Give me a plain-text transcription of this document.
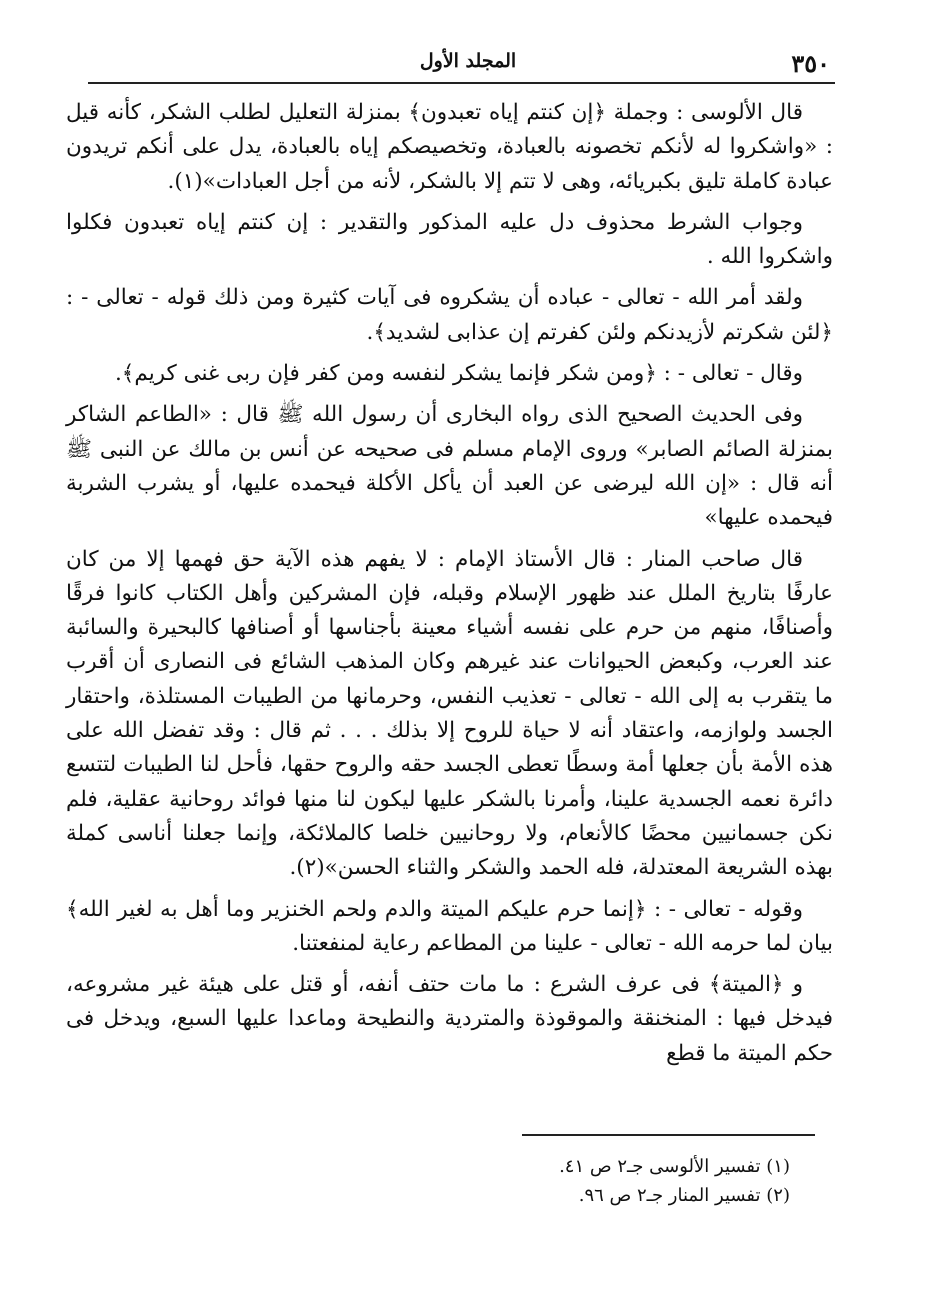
٣٥٠
المجلد الأول

قال الألوسى : وجملة ﴿إن كنتم إياه تعبدون﴾ بمنزلة التعليل لطلب الشكر، كأنه قيل : «واشكروا له لأنكم تخصونه بالعبادة، وتخصيصكم إياه بالعبادة، يدل على أنكم تريدون عبادة كاملة تليق بكبريائه، وهى لا تتم إلا بالشكر، لأنه من أجل العبادات»(١).

وجواب الشرط محذوف دل عليه المذكور والتقدير : إن كنتم إياه تعبدون فكلوا واشكروا الله .

ولقد أمر الله - تعالى - عباده أن يشكروه فى آيات كثيرة ومن ذلك قوله - تعالى - : ﴿لئن شكرتم لأزيدنكم ولئن كفرتم إن عذابى لشديد﴾.

وقال - تعالى - : ﴿ومن شكر فإنما يشكر لنفسه ومن كفر فإن ربى غنى كريم﴾.

وفى الحديث الصحيح الذى رواه البخارى أن رسول الله ﷺ قال : «الطاعم الشاكر بمنزلة الصائم الصابر» وروى الإمام مسلم فى صحيحه عن أنس بن مالك عن النبى ﷺ أنه قال : «إن الله ليرضى عن العبد أن يأكل الأكلة فيحمده عليها، أو يشرب الشربة فيحمده عليها»

قال صاحب المنار : قال الأستاذ الإمام : لا يفهم هذه الآية حق فهمها إلا من كان عارفًا بتاريخ الملل عند ظهور الإسلام وقبله، فإن المشركين وأهل الكتاب كانوا فرقًا وأصنافًا، منهم من حرم على نفسه أشياء معينة بأجناسها أو أصنافها كالبحيرة والسائبة عند العرب، وكبعض الحيوانات عند غيرهم وكان المذهب الشائع فى النصارى أن أقرب ما يتقرب به إلى الله - تعالى - تعذيب النفس، وحرمانها من الطيبات المستلذة، واحتقار الجسد ولوازمه، واعتقاد أنه لا حياة للروح إلا بذلك . . . ثم قال : وقد تفضل الله على هذه الأمة بأن جعلها أمة وسطًا تعطى الجسد حقه والروح حقها، فأحل لنا الطيبات لتتسع دائرة نعمه الجسدية علينا، وأمرنا بالشكر عليها ليكون لنا منها فوائد روحانية عقلية، فلم نكن جسمانيين محضًا كالأنعام، ولا روحانيين خلصا كالملائكة، وإنما جعلنا أناسى كملة بهذه الشريعة المعتدلة، فله الحمد والشكر والثناء الحسن»(٢).

وقوله - تعالى - : ﴿إنما حرم عليكم الميتة والدم ولحم الخنزير وما أهل به لغير الله﴾ بيان لما حرمه الله - تعالى - علينا من المطاعم رعاية لمنفعتنا.

و ﴿الميتة﴾ فى عرف الشرع : ما مات حتف أنفه، أو قتل على هيئة غير مشروعه، فيدخل فيها : المنخنقة والموقوذة والمتردية والنطيحة وماعدا عليها السبع، ويدخل فى حكم الميتة ما قطع

(١) تفسير الألوسى جـ٢ ص ٤١.
(٢) تفسير المنار جـ٢ ص ٩٦.
